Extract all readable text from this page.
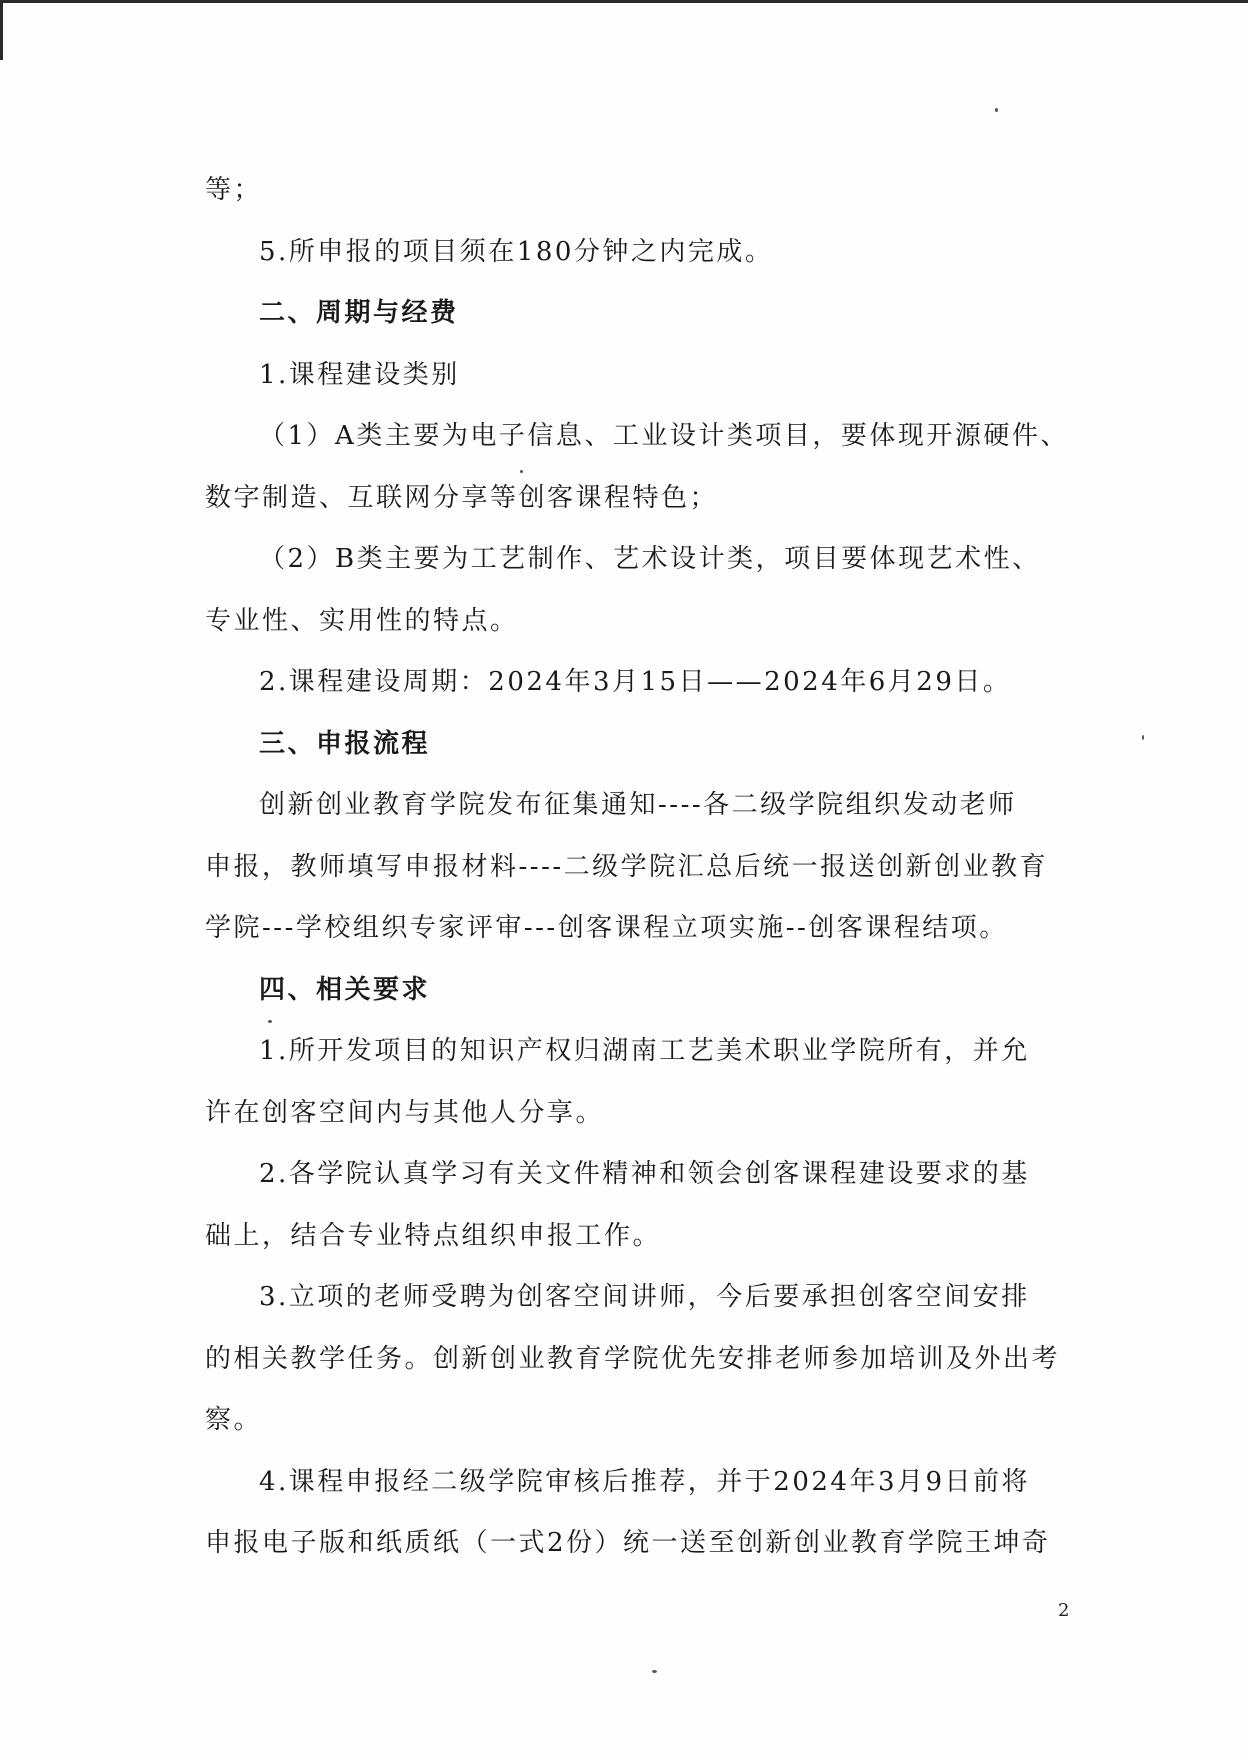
等；

5.所申报的项目须在180分钟之内完成。

二、周期与经费

1.课程建设类别

（1）A类主要为电子信息、工业设计类项目，要体现开源硬件、

数字制造、互联网分享等创客课程特色；

（2）B类主要为工艺制作、艺术设计类，项目要体现艺术性、

专业性、实用性的特点。

2.课程建设周期：2024年3月15日——2024年6月29日。

三、申报流程

创新创业教育学院发布征集通知----各二级学院组织发动老师

申报，教师填写申报材料----二级学院汇总后统一报送创新创业教育

学院---学校组织专家评审---创客课程立项实施--创客课程结项。

四、相关要求

1.所开发项目的知识产权归湖南工艺美术职业学院所有，并允

许在创客空间内与其他人分享。

2.各学院认真学习有关文件精神和领会创客课程建设要求的基

础上，结合专业特点组织申报工作。

3.立项的老师受聘为创客空间讲师，今后要承担创客空间安排

的相关教学任务。创新创业教育学院优先安排老师参加培训及外出考

察。

4.课程申报经二级学院审核后推荐，并于2024年3月9日前将

申报电子版和纸质纸（一式2份）统一送至创新创业教育学院王坤奇

2
